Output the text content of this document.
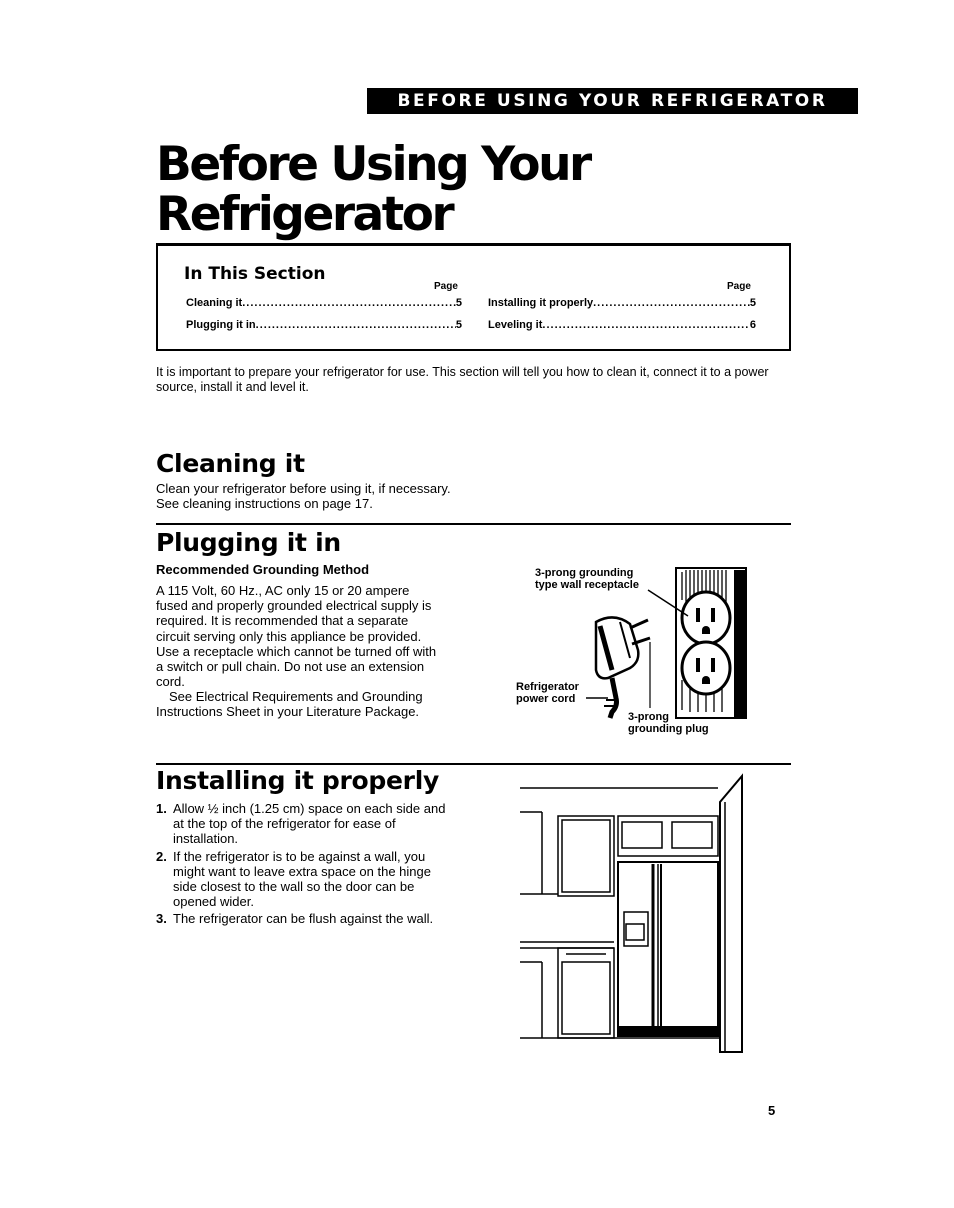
BEFORE USING YOUR REFRIGERATOR
Before Using Your
Refrigerator
In This Section
Page	Page
Cleaning it .....	5
Plugging it in .....	5
Installing it properly .....	5
Leveling it .....	6
It is important to prepare your refrigerator for use. This section will tell you how to clean it, connect it to a power source, install it and level it.
Cleaning it
Clean your refrigerator before using it, if necessary. See cleaning instructions on page 17.
Plugging it in
Recommended Grounding Method
A 115 Volt, 60 Hz., AC only 15 or 20 ampere
fused and properly grounded electrical supply is
required. It is recommended that a separate
circuit serving only this appliance be provided.
Use a receptacle which cannot be turned off with
a switch or pull chain. Do not use an extension
cord.
See Electrical Requirements and Grounding
Instructions Sheet in your Literature Package.
3-prong grounding
type wall receptacle
Refrigerator
power cord
3-prong
grounding plug
Installing it properly
1. Allow ½ inch (1.25 cm) space on each side and at the top of the refrigerator for ease of installation.
2. If the refrigerator is to be against a wall, you might want to leave extra space on the hinge side closest to the wall so the door can be opened wider.
3. The refrigerator can be flush against the wall.
5
